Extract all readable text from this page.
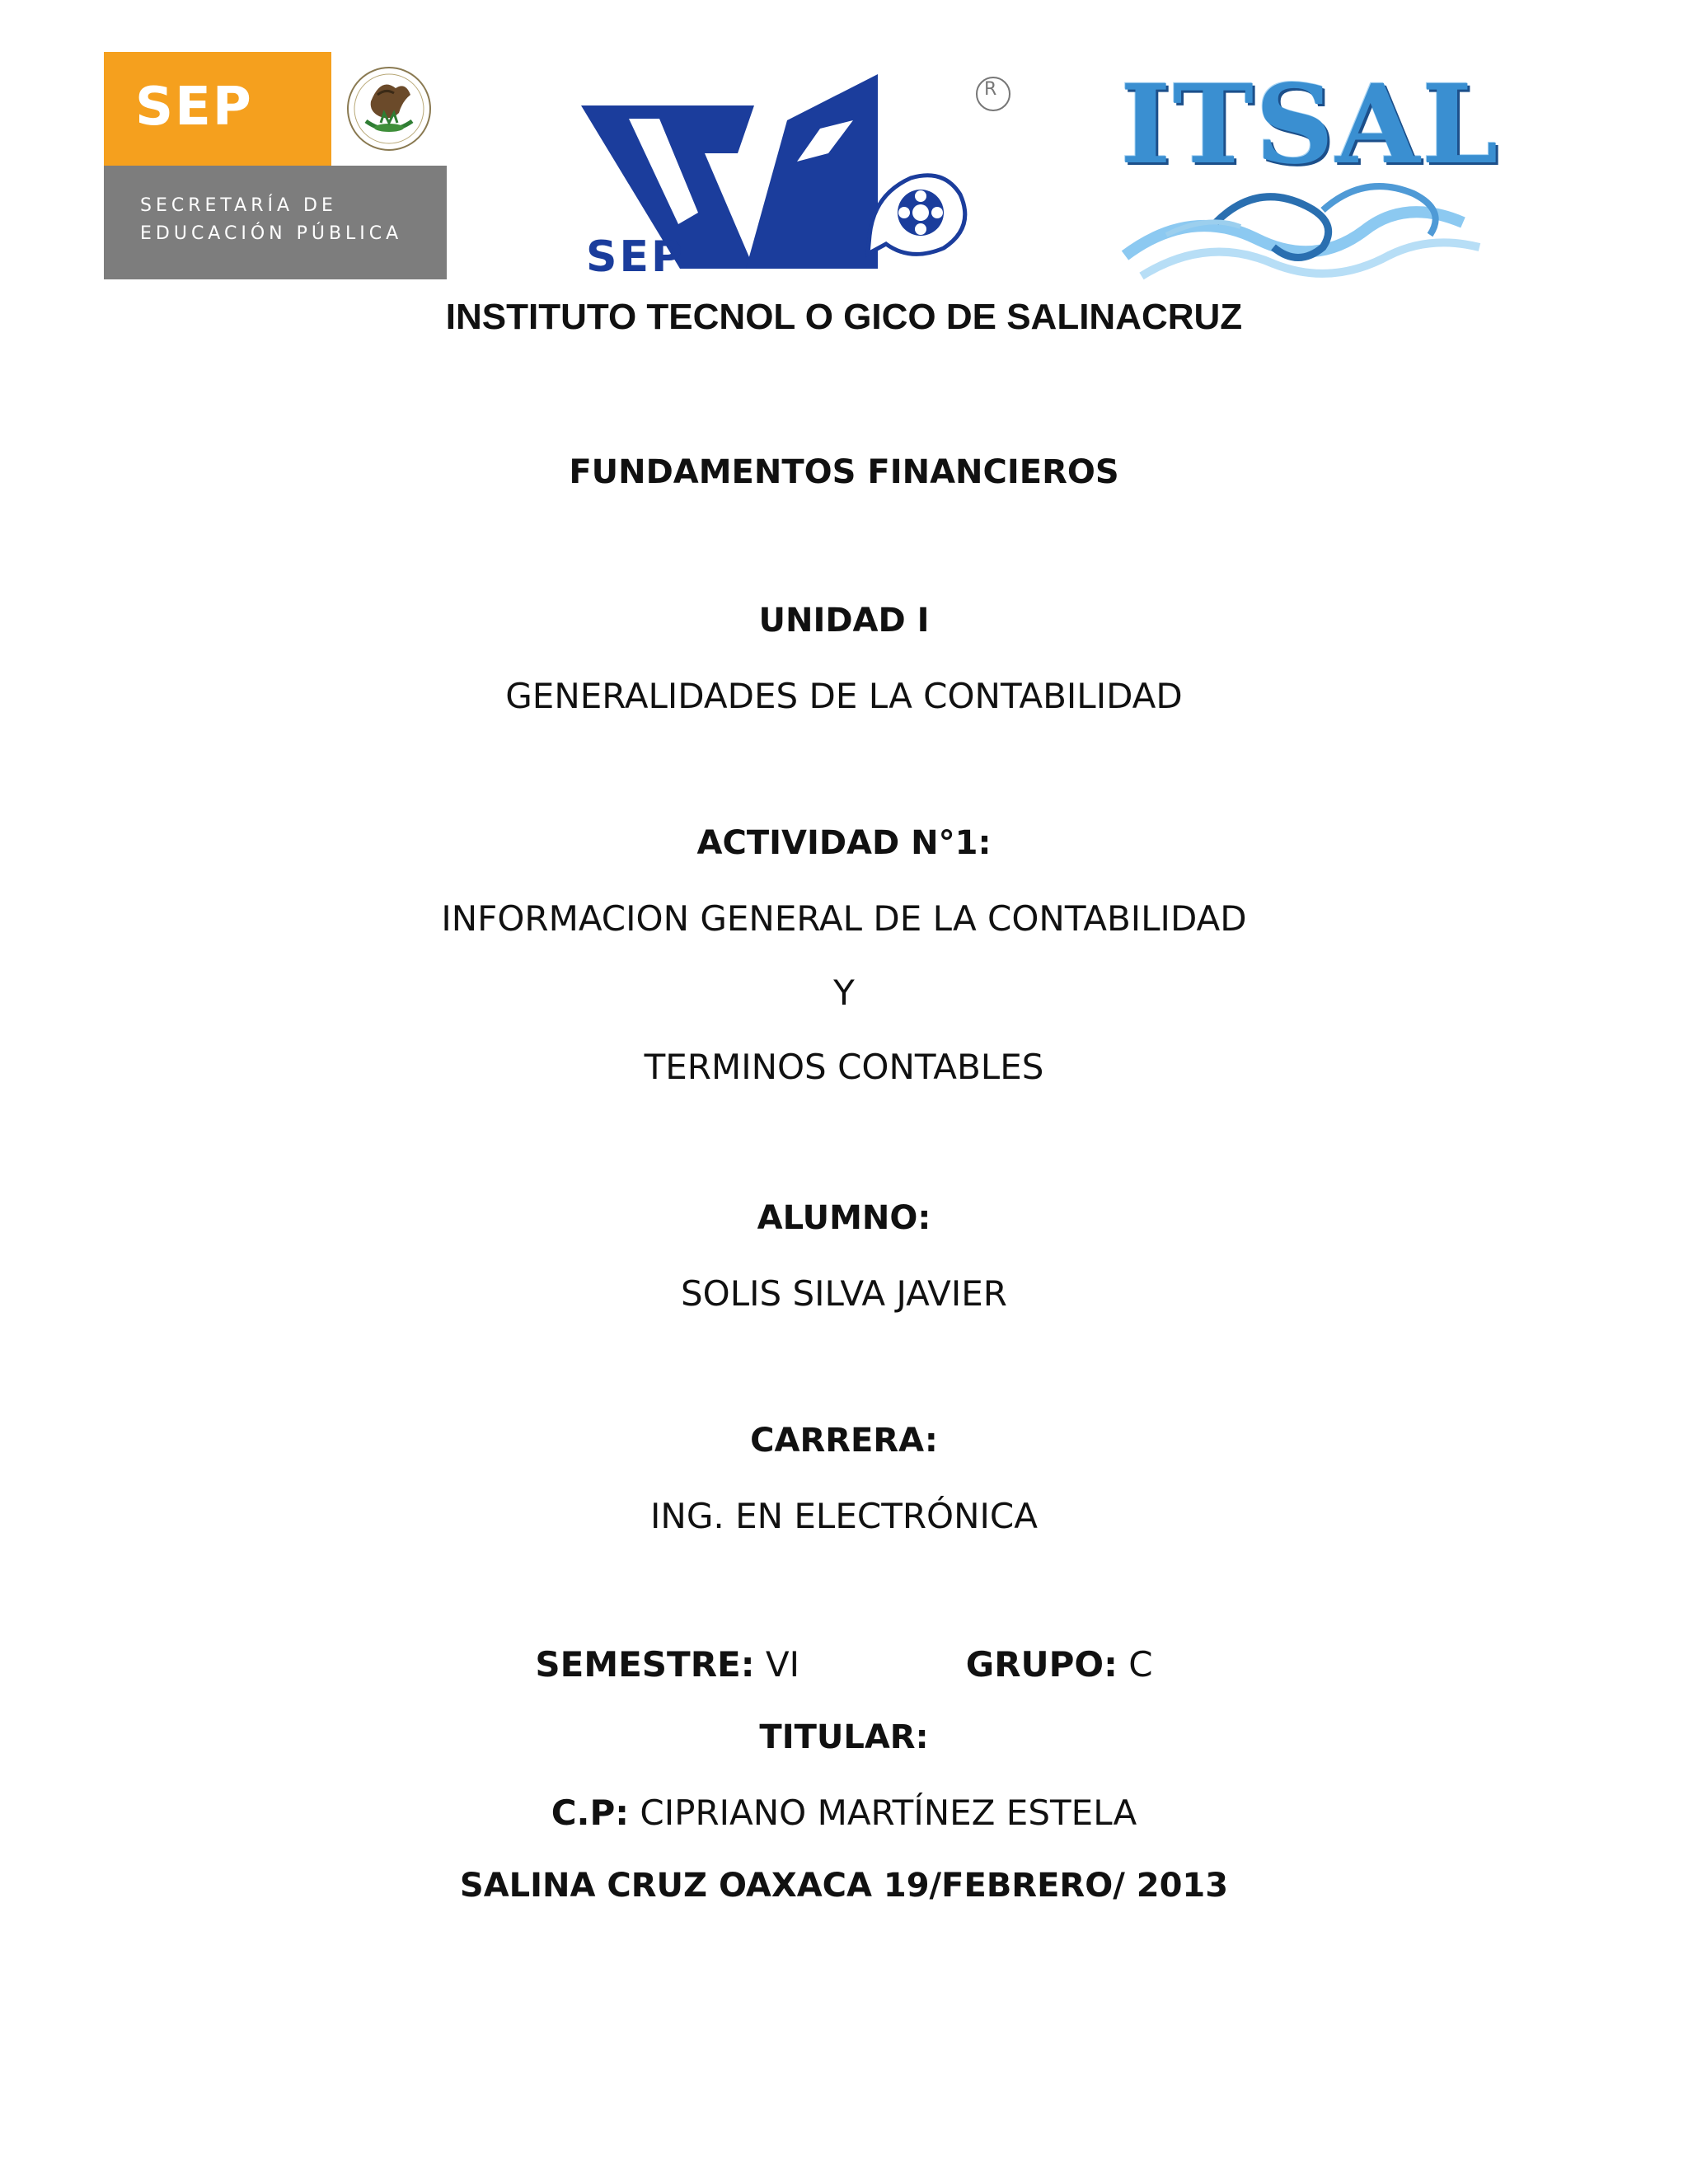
SEP
SECRETARÍA DE
EDUCACIÓN PÚBLICA
R
SEP
ITSAL
INSTITUTO TECNOL O GICO DE SALINACRUZ
FUNDAMENTOS FINANCIEROS
UNIDAD I
GENERALIDADES DE LA CONTABILIDAD
ACTIVIDAD N°1:
INFORMACION GENERAL DE LA CONTABILIDAD
Y
TERMINOS CONTABLES
ALUMNO:
SOLIS SILVA JAVIER
CARRERA:
ING. EN ELECTRÓNICA
SEMESTRE: VI	GRUPO: C
TITULAR:
C.P: CIPRIANO MARTÍNEZ ESTELA
SALINA CRUZ OAXACA 19/FEBRERO/ 2013
